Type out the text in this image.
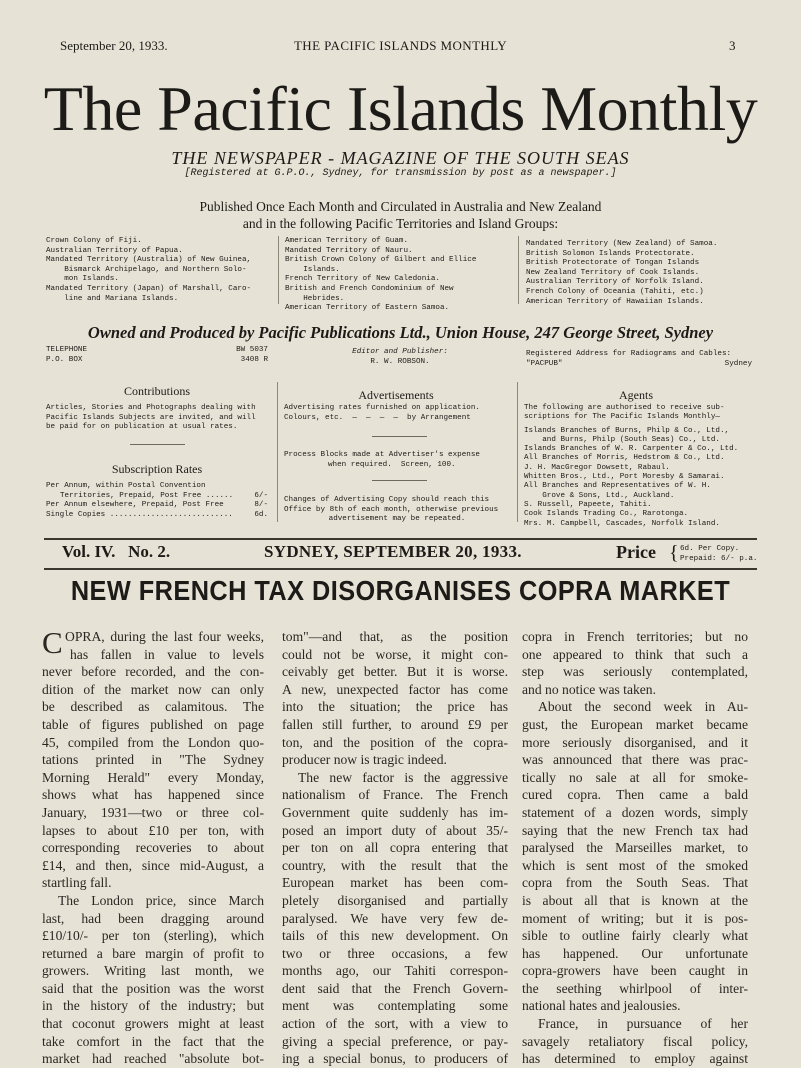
September 20, 1933.	THE PACIFIC ISLANDS MONTHLY	3
The Pacific Islands Monthly
THE NEWSPAPER - MAGAZINE OF THE SOUTH SEAS
[Registered at G.P.O., Sydney, for transmission by post as a newspaper.]
Published Once Each Month and Circulated in Australia and New Zealand
and in the following Pacific Territories and Island Groups:
Crown Colony of Fiji.
Australian Territory of Papua.
Mandated Territory (Australia) of New Guinea,
Bismarck Archipelago, and Northern Solo-
mon Islands.
Mandated Territory (Japan) of Marshall, Caro-
line and Mariana Islands.
American Territory of Guam.
Mandated Territory of Nauru.
British Crown Colony of Gilbert and Ellice
Islands.
French Territory of New Caledonia.
British and French Condominium of New
Hebrides.
American Territory of Eastern Samoa.
Mandated Territory (New Zealand) of Samoa.
British Solomon Islands Protectorate.
British Protectorate of Tongan Islands
New Zealand Territory of Cook Islands.
Australian Territory of Norfolk Island.
French Colony of Oceania (Tahiti, etc.)
American Territory of Hawaiian Islands.
Owned and Produced by Pacific Publications Ltd., Union House, 247 George Street, Sydney
TELEPHONE	BW 5037
P.O. BOX	3408 R
Editor and Publisher:
R. W. ROBSON.
Registered Address for Radiograms and Cables:
"PACPUB"	Sydney
Contributions
Articles, Stories and Photographs dealing with
Pacific Islands Subjects are invited, and will
be paid for on publication at usual rates.
Subscription Rates
Per Annum, within Postal Convention
Territories, Prepaid, Post Free ......	6/-
Per Annum elsewhere, Prepaid, Post Free	8/-
Single Copies ...........................	6d.
Advertisements
Advertising rates furnished on application.
Colours, etc.  —  —  —  —  by Arrangement
Process Blocks made at Advertiser's expense
when required.  Screen, 100.
Changes of Advertising Copy should reach this
Office by 8th of each month, otherwise previous
advertisement may be repeated.
Agents
The following are authorised to receive sub-
scriptions for The Pacific Islands Monthly—
Islands Branches of Burns, Philp & Co., Ltd.,
and Burns, Philp (South Seas) Co., Ltd.
Islands Branches of W. R. Carpenter & Co., Ltd.
All Branches of Morris, Hedstrom & Co., Ltd.
J. H. MacGregor Dowsett, Rabaul.
Whitten Bros., Ltd., Port Moresby & Samarai.
All Branches and Representatives of W. H.
Grove & Sons, Ltd., Auckland.
S. Russell, Papeete, Tahiti.
Cook Islands Trading Co., Rarotonga.
Mrs. M. Campbell, Cascades, Norfolk Island.
Vol. IV.   No. 2.	SYDNEY, SEPTEMBER 20, 1933.	Price { 6d. Per Copy.
Prepaid: 6/- p.a.
NEW FRENCH TAX DISORGANISES COPRA MARKET
C OPRA, during the last four weeks,
has fallen in value to levels
never before recorded, and the con-
dition of the market now can only
be described as calamitous. The
table of figures published on page
45, compiled from the London quo-
tations printed in "The Sydney
Morning Herald" every Monday,
shows what has happened since
January, 1931—two or three col-
lapses to about £10 per ton, with
corresponding recoveries to about
£14, and then, since mid-August, a
startling fall.
The London price, since March
last, had been dragging around
£10/10/- per ton (sterling), which
returned a bare margin of profit to
growers. Writing last month, we
said that the position was the worst
in the history of the industry; but
that coconut growers might at least
take comfort in the fact that the
market had reached "absolute bot-
tom"—and that, as the position
could not be worse, it might con-
ceivably get better. But it is worse.
A new, unexpected factor has come
into the situation; the price has
fallen still further, to around £9 per
ton, and the position of the copra-
producer now is tragic indeed.
The new factor is the aggressive
nationalism of France. The French
Government quite suddenly has im-
posed an import duty of about 35/-
per ton on all copra entering that
country, with the result that the
European market has been com-
pletely disorganised and partially
paralysed. We have very few de-
tails of this new development. On
two or three occasions, a few
months ago, our Tahiti correspon-
dent said that the French Govern-
ment was contemplating some
action of the sort, with a view to
giving a special preference, or pay-
ing a special bonus, to producers of
copra in French territories; but no
one appeared to think that such a
step was seriously contemplated,
and no notice was taken.
About the second week in Au-
gust, the European market became
more seriously disorganised, and it
was announced that there was prac-
tically no sale at all for smoke-
cured copra. Then came a bald
statement of a dozen words, simply
saying that the new French tax had
paralysed the Marseilles market, to
which is sent most of the smoked
copra from the South Seas. That
is about all that is known at the
moment of writing; but it is pos-
sible to outline fairly clearly what
has happened. Our unfortunate
copra-growers have been caught in
the seething whirlpool of inter-
national hates and jealousies.
France, in pursuance of her
savagely retaliatory fiscal policy,
has determined to employ against
